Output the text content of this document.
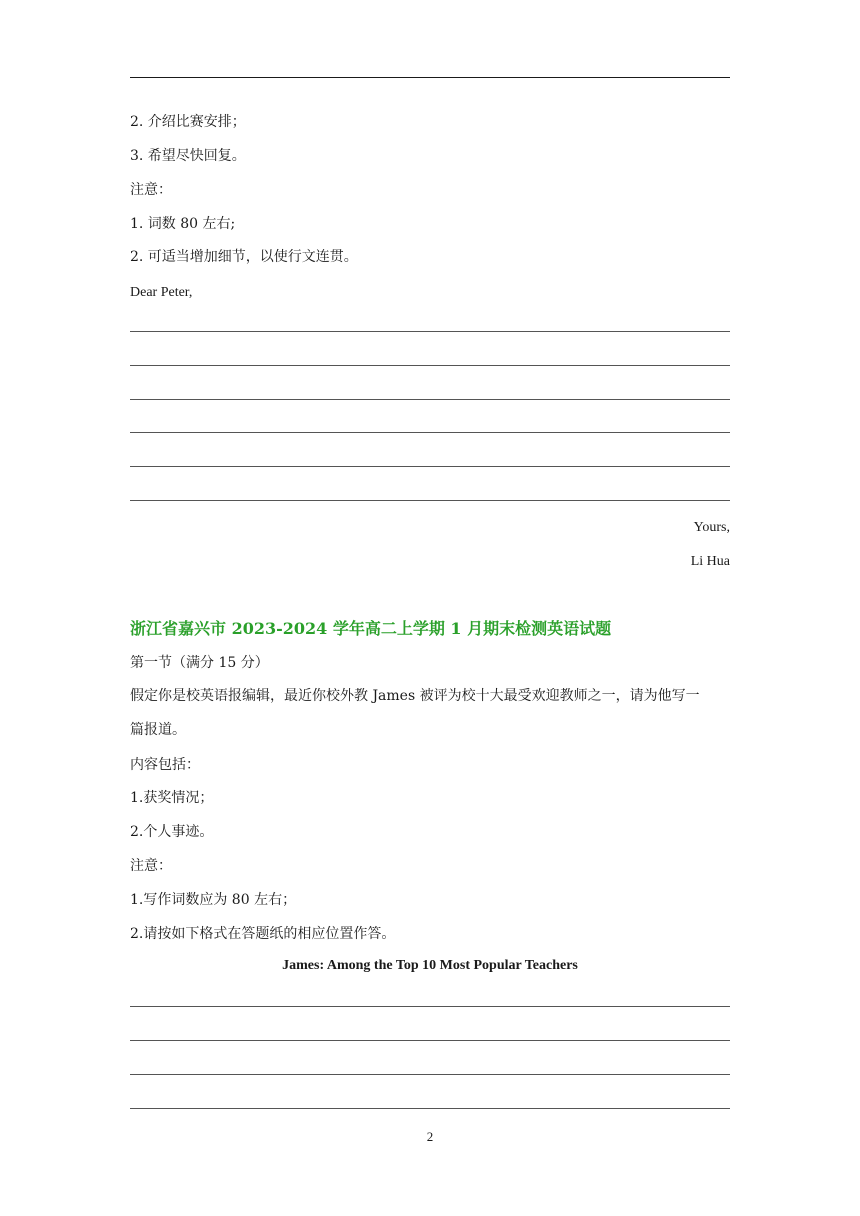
2. 介绍比赛安排；
3. 希望尽快回复。
注意：
1. 词数 80 左右;
2. 可适当增加细节，以使行文连贯。
Dear Peter,
Yours,
Li Hua
浙江省嘉兴市 2023-2024 学年高二上学期 1 月期末检测英语试题
第一节（满分 15 分）
假定你是校英语报编辑，最近你校外教 James 被评为校十大最受欢迎教师之一，请为他写一
篇报道。
内容包括：
1.获奖情况；
2.个人事迹。
注意：
1.写作词数应为 80 左右；
2.请按如下格式在答题纸的相应位置作答。
James: Among the Top 10 Most Popular Teachers
2
